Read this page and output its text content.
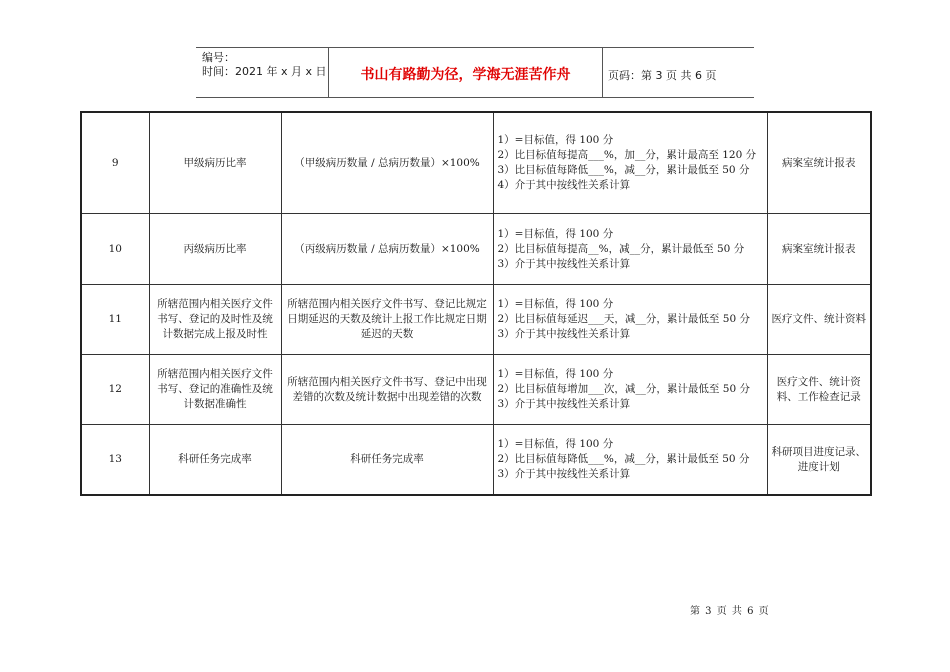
编号：
时间：2021 年 x 月 x 日	书山有路勤为径，学海无涯苦作舟	页码：第 3 页 共 6 页
9	甲级病历比率	（甲级病历数量 / 总病历数量）×100%	1）=目标值，得 100 分
2）比目标值每提高___%，加__分，累计最高至 120 分
3）比目标值每降低___%，减__分，累计最低至 50 分
4）介于其中按线性关系计算	病案室统计报表
10	丙级病历比率	（丙级病历数量 / 总病历数量）×100%	1）=目标值，得 100 分
2）比目标值每提高__%，减__分，累计最低至 50 分
3）介于其中按线性关系计算	病案室统计报表
11	所辖范围内相关医疗文件书写、登记的及时性及统计数据完成上报及时性	所辖范围内相关医疗文件书写、登记比规定日期延迟的天数及统计上报工作比规定日期延迟的天数	1）=目标值，得 100 分
2）比目标值每延迟___天，减__分，累计最低至 50 分
3）介于其中按线性关系计算	医疗文件、统计资料
12	所辖范围内相关医疗文件书写、登记的准确性及统计数据准确性	所辖范围内相关医疗文件书写、登记中出现差错的次数及统计数据中出现差错的次数	1）=目标值，得 100 分
2）比目标值每增加___次，减__分，累计最低至 50 分
3）介于其中按线性关系计算	医疗文件、统计资料、工作检查记录
13	科研任务完成率	科研任务完成率	1）=目标值，得 100 分
2）比目标值每降低___%，减__分，累计最低至 50 分
3）介于其中按线性关系计算	科研项目进度记录、进度计划
第 3 页 共 6 页
